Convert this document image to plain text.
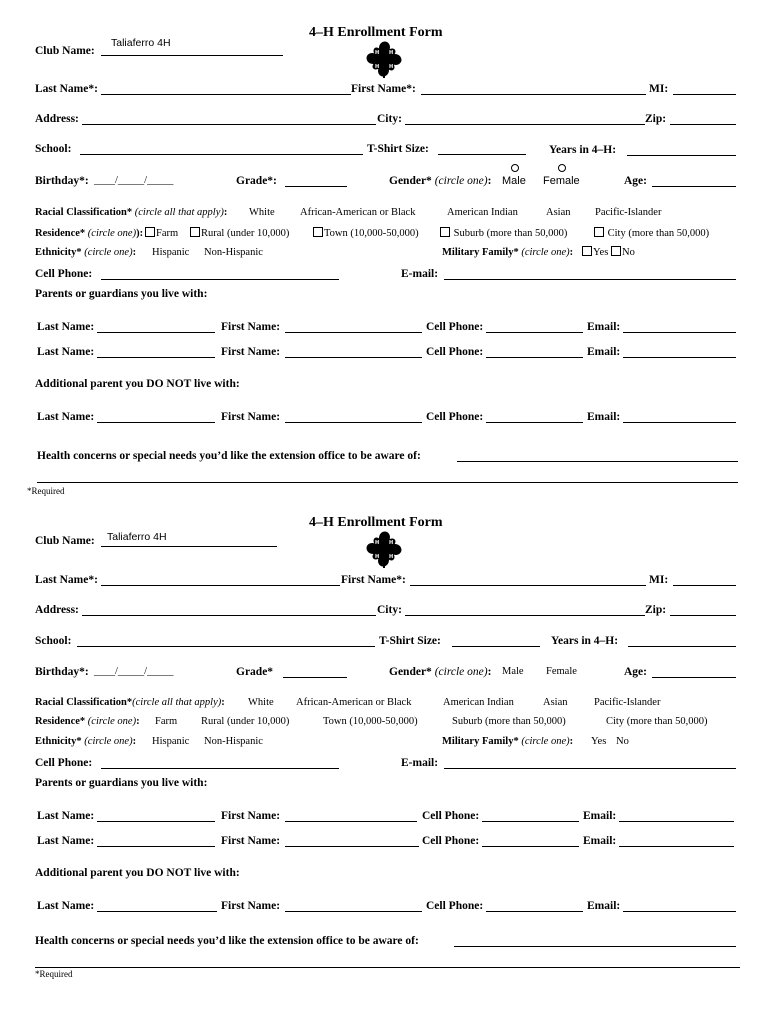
4–H Enrollment Form
H H
H H
Club Name:
Taliaferro 4H
Last Name*:	First Name*:	MI:
Address:	City:	Zip:
School:	T-Shirt Size:	Years in 4–H:
Birthday*: ____/_____/_____	Grade*:	Gender* (circle one): Male Female	Age:
Racial Classification* (circle all that apply): White African-American or Black	American Indian	Asian Pacific-Islander
Residence* (circle one)):	Farm	Rural (under 10,000)	Town (10,000-50,000)	Suburb (more than 50,000)	City (more than 50,000)
Ethnicity* (circle one): Hispanic Non-Hispanic	Military Family* (circle one):	Yes	No
Cell Phone:	E-mail:
Parents or guardians you live with:
Last Name:	First Name:	Cell Phone:	Email:
Last Name:	First Name:	Cell Phone:	Email:
Additional parent you DO NOT live with:
Last Name:	First Name:	Cell Phone:	Email:
Health concerns or special needs you’d like the extension office to be aware of:
*Required
4–H Enrollment Form
H H
H H
Club Name: Taliaferro 4H
Last Name*:	First Name*:	MI:
Address:	City:	Zip:
School:	T-Shirt Size:	Years in 4–H:
Birthday*: ____/_____/_____	Grade*	Gender* (circle one): Male Female	Age:
Racial Classification*(circle all that apply): White African-American or Black	American Indian	Asian	Pacific-Islander
Residence* (circle one): Farm Rural (under 10,000)	Town (10,000-50,000)	Suburb (more than 50,000)	City (more than 50,000)
Ethnicity* (circle one): Hispanic Non-Hispanic	Military Family* (circle one): Yes No
Cell Phone:	E-mail:
Parents or guardians you live with:
Last Name:	First Name:	Cell Phone:	Email:
Last Name:	First Name:	Cell Phone:	Email:
Additional parent you DO NOT live with:
Last Name:	First Name:	Cell Phone:	Email:
Health concerns or special needs you’d like the extension office to be aware of:
*Required
